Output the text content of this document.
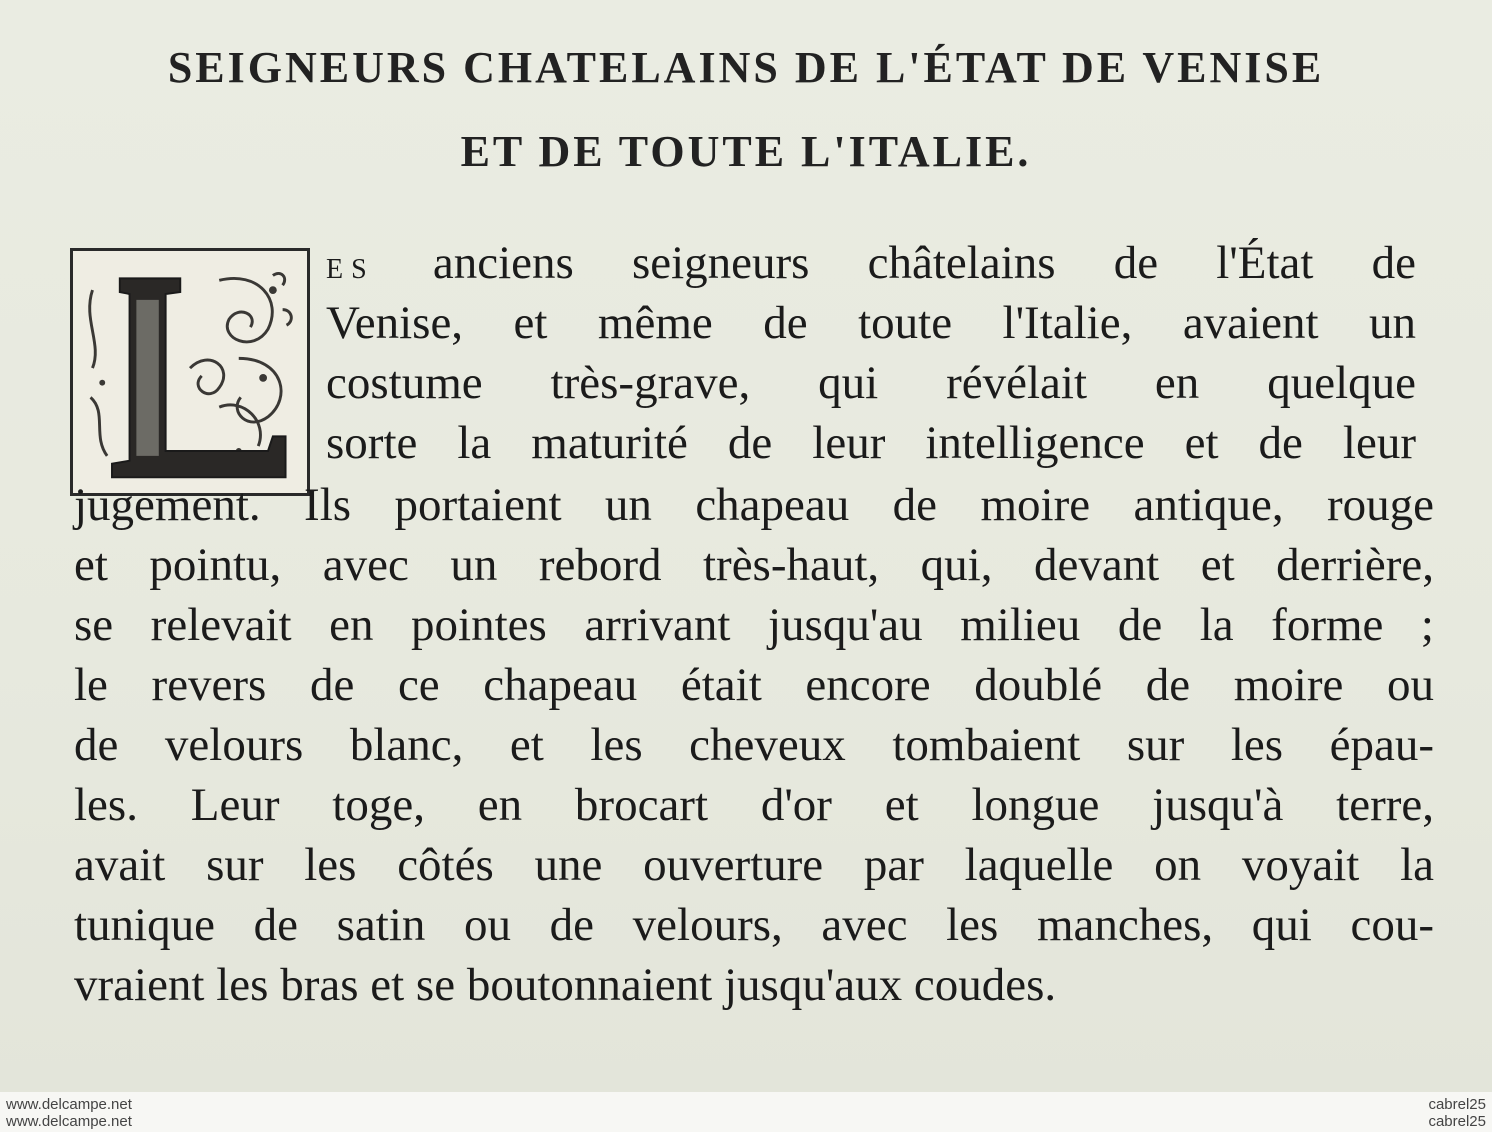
SEIGNEURS CHATELAINS DE L'ÉTAT DE VENISE
ET DE TOUTE L'ITALIE.
ES anciens seigneurs châtelains de l'État de
Venise, et même de toute l'Italie, avaient un
costume très-grave, qui révélait en quelque
sorte la maturité de leur intelligence et de leur
jugement. Ils portaient un chapeau de moire antique, rouge
et pointu, avec un rebord très-haut, qui, devant et derrière,
se relevait en pointes arrivant jusqu'au milieu de la forme ;
le revers de ce chapeau était encore doublé de moire ou
de velours blanc, et les cheveux tombaient sur les épau-
les. Leur toge, en brocart d'or et longue jusqu'à terre,
avait sur les côtés une ouverture par laquelle on voyait la
tunique de satin ou de velours, avec les manches, qui cou-
vraient les bras et se boutonnaient jusqu'aux coudes.
www.delcampe.net
www.delcampe.net
cabrel25
cabrel25
